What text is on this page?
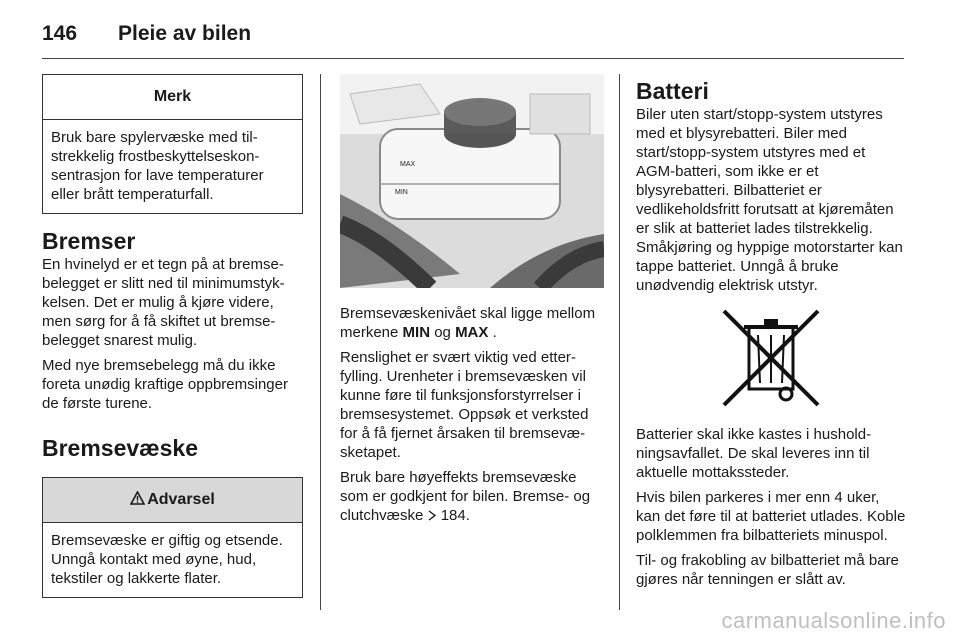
146	Pleie av bilen
Merk
Bruk bare spylervæske med tilstrekkelig frostbeskyttelseskonsentrasjon for lave temperaturer eller brått temperaturfall.
Bremser

En hvinelyd er et tegn på at bremsebelegget er slitt ned til minimumstykkelsen. Det er mulig å kjøre videre, men sørg for å få skiftet ut bremsebelegget snarest mulig.

Med nye bremsebelegg må du ikke foreta unødig kraftige oppbremsinger de første turene.

Bremsevæske
Advarsel
Bremsevæske er giftig og etsende. Unngå kontakt med øyne, hud, tekstiler og lakkerte flater.
MAX
MIN

Bremsevæskenivået skal ligge mellom merkene MIN og MAX .

Renslighet er svært viktig ved etterfylling. Urenheter i bremsevæsken vil kunne føre til funksjonsforstyrrelser i bremsesystemet. Oppsøk et verksted for å få fjernet årsaken til bremsevæsketapet.

Bruk bare høyeffekts bremsevæske som er godkjent for bilen. Bremse- og clutchvæske 184.

Batteri

Biler uten start/stopp-system utstyres med et blysyrebatteri. Biler med start/stopp-system utstyres med et AGM-batteri, som ikke er et blysyrebatteri. Bilbatteriet er vedlikeholdsfritt forutsatt at kjøremåten er slik at batteriet lades tilstrekkelig. Småkjøring og hyppige motorstarter kan tappe batteriet. Unngå å bruke unødvendig elektrisk utstyr.

Batterier skal ikke kastes i husholdningsavfallet. De skal leveres inn til aktuelle mottakssteder.

Hvis bilen parkeres i mer enn 4 uker, kan det føre til at batteriet utlades. Koble polklemmen fra bilbatteriets minuspol.

Til- og frakobling av bilbatteriet må bare gjøres når tenningen er slått av.

carmanualsonline.info
